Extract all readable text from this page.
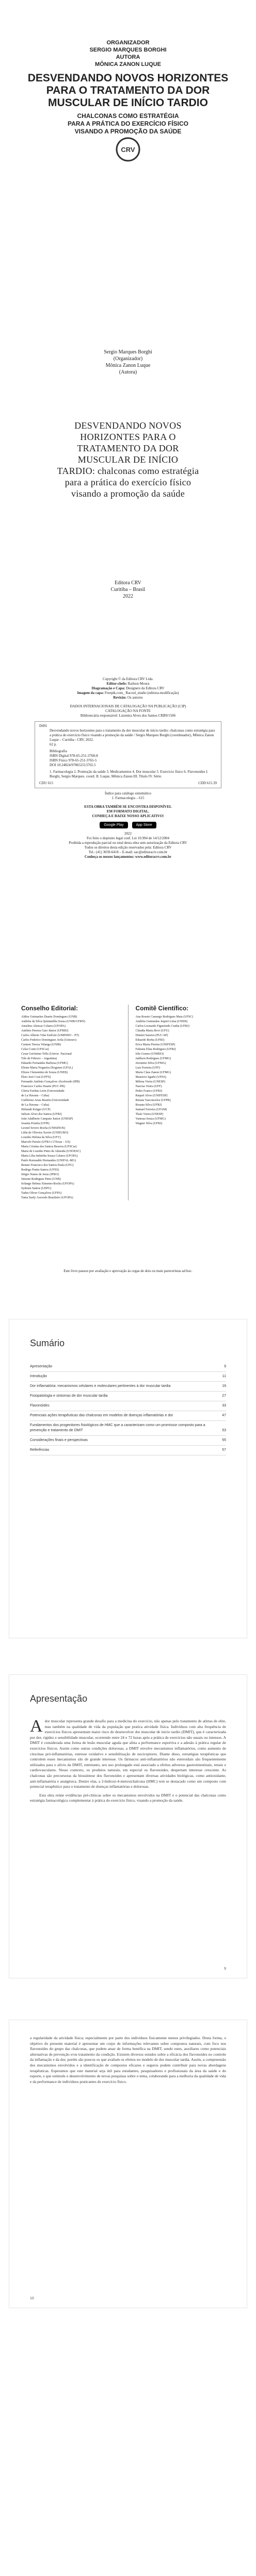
ORGANIZADOR
SERGIO MARQUES BORGHI
AUTORA
MÔNICA ZANON LUQUE
DESVENDANDO NOVOS HORIZONTES
PARA O TRATAMENTO DA DOR
MUSCULAR DE INÍCIO TARDIO
CHALCONAS COMO ESTRATÉGIA
PARA A PRÁTICA DO EXERCÍCIO FÍSICO
VISANDO A PROMOÇÃO DA SAÚDE
CRV
Sergio Marques Borghi
(Organizador)
Mônica Zanon Luque
(Autora)
DESVENDANDO NOVOS
HORIZONTES PARA O
TRATAMENTO DA DOR
MUSCULAR DE INÍCIO
TARDIO: chalconas como estratégia
para a prática do exercício físico
visando a promoção da saúde
Editora CRV
Curitiba – Brasil
2022
Copyright © da Editora CRV Ltda.
Editor-chefe: Railson Moura
Diagramação e Capa: Designers da Editora CRV
Imagem da capa: Freepik.com_ Racool_studio (editora-modificação)
Revisão: Os autores
DADOS INTERNACIONAIS DE CATALOGAÇÃO NA PUBLICAÇÃO (CIP)
CATALOGAÇÃO NA FONTE
Bibliotecária responsável: Luzenira Alves dos Santos CRB9/1506
D491
Desvendando novos horizontes para o tratamento da dor muscular de início tardio: chalconas como estratégia para a prática do exercício físico visando a promoção da saúde / Sergio Marques Borghi (coordenador), Mônica Zanon Luque – Curitiba : CRV, 2022.
62 p.
Bibliografia
ISBN Digital 978-65-251-3768-8
ISBN Físico 978-65-251-3765-5
DOI 10.24824/978652513765.5
1. Farmacologia 2. Promoção da saúde 3. Medicamentos 4. Dor muscular 5. Exercício físico 6. Flavonoides I. Borghi, Sergio Marques. coord. II. Luque, Mônica Zanon III. Título IV. Série.
CDU 615	CDD 615.39
Índice para catálogo sistemático
1. Farmacologia – 615
ESTA OBRA TAMBÉM SE ENCONTRA DISPONÍVEL
EM FORMATO DIGITAL.
CONHEÇA E BAIXE NOSSO APLICATIVO!
Google Play	App Store
2022
Foi feito o depósito legal conf. Lei 10.994 de 14/12/2004
Proibida a reprodução parcial ou total desta obra sem autorização da Editora CRV
Todos os direitos desta edição reservados pela: Editora CRV
Tel.: (41) 3039-6418 – E-mail: sac@editoracrv.com.br
Conheça os nossos lançamentos: www.editoracrv.com.br
Conselho Editorial:
Aldira Guimarães Duarte Domínguez (UNB)
Andréia da Silva Quintanilha Sousa (UNIR/UFRN)
Anselmo Alencar Colares (UFOPA)
Antônio Pereira Gaio Júnior (UFRRJ)
Carlos Alberto Vilar Estêvão (UMINHO – PT)
Carlos Federico Dominguez Avila (Unieuro)
Carmen Tereza Velanga (UNIR)
Celso Conti (UFSCar)
Cesar Gerónimo Tello (Univer .Nacional
Três de Febrero – Argentina)
Eduardo Fernandes Barbosa (UFMG)
Elione Maria Nogueira Diogenes (UFAL)
Elizeu Clementino de Souza (UNEB)
Élsio José Corá (UFFS)
Fernando Antônio Gonçalves Alcoforado (IPB)
Francisco Carlos Duarte (PUC-PR)
Gloria Fariñas León (Universidade
de La Havana – Cuba)
Guillermo Arias Beatón (Universidade
de La Havana – Cuba)
Helmuth Krüger (UCP)
Jailson Alves dos Santos (UFRJ)
João Adalberto Campato Junior (UNESP)
Josania Portela (UFPI)
Leonel Severo Rocha (UNISINOS)
Lídia de Oliveira Xavier (UNIEURO)
Lourdes Helena da Silva (UFV)
Marcelo Paixão (UFRJ e UTexas – US)
Maria Cristina dos Santos Bezerra (UFSCar)
Maria de Lourdes Pinto de Almeida (UNOESC)
Maria Lília Imbiriba Sousa Colares (UFOPA)
Paulo Romualdo Hernandes (UNIFAL-MG)
Renato Francisco dos Santos Paula (UFG)
Rodrigo Pratte-Santos (UFES)
Sérgio Nunes de Jesus (IFRO)
Simone Rodrigues Pinto (UNB)
Solange Helena Ximenes-Rocha (UFOPA)
Sydione Santos (UEPG)
Tadeu Oliver Gonçalves (UFPA)
Tania Suely Azevedo Brasileiro (UFOPA)
Comitê Científico:
Ana Rosete Camargo Rodrigues Maia (UFSC)
Andréia Guimarães Jequiri Lima (UNEB)
Carlos Leonardo Figueiredo Cunha (UFRJ)
Cláudia Maria Bovi (UFU)
Dimitri Saraiva (PUC-SP)
Eduardo Borba (UFRJ)
Erica Maria Pereira (UNIFESP)
Fabiane Elias Rodrigues (UFRJ)
Irlis Gomes (UNIRIO)
Jadilson Rodrigues (UFMG)
Jeronimo Silva (UFMA)
Luis Ferreira (UFF)
Maria Clara Zanon (UFMG)
Mauricio Sgarbi (UFES)
Milena Vieira (UNESP)
Narcisa Vieira (UFF)
Pedro Franco (UFRJ)
Raquel Alves (UNIFESP)
Renata Vasconcelos (UFPR)
Rosana Silva (UFRJ)
Samuel Ferreira (UFAM)
Thaís Vieira (UNESP)
Vanessa Souza (UFMG)
Wagner Silva (UFRJ)
Este livro passou por avaliação e aprovação às cegas de dois ou mais pareceristas ad hoc.
Sumário
Apresentação	9
Introdução	11
Dor inflamatória: mecanismos celulares e moleculares pertinentes à dor muscular tardia	19
Fisiopatologia e sintomas de dor muscular tardia	27
Flavonóides	33
Potenciais ações terapêuticas das chalconas em modelos de doenças inflamatórias e dor	47
Fundamentos dos progenitores fisiológicos de HMC que a caracterizam como um promissor composto para a prevenção e tratamento de DMIT	53
Considerações finais e perspectivas	55
Referências	57
Apresentação
Ador muscular representa grande desafio para a medicina do exercício, não apenas pelo tratamento de atletas de elite, mas também na qualidade de vida da população que pratica atividade física. Indivíduos com alta frequência de exercícios físicos apresentam maior risco de desenvolver dor muscular de início tardio (DMIT), que é caracterizada por dor, rigidez e sensibilidade muscular, ocorrendo entre 24 e 72 horas após a prática de exercícios não usuais ou intensos. A DMIT é considerada uma forma de lesão muscular aguda que afeta a performance esportiva e a adesão à prática regular de exercícios físicos. Assim como outras condições dolorosas, a DMIT envolve mecanismos inflamatórios, como aumento de citocinas pró-inflamatórias, estresse oxidativo e sensibilização de nociceptores. Diante disso, estratégias terapêuticas que controlem esses mecanismos são de grande interesse. Os fármacos anti-inflamatórios não esteroidais são frequentemente utilizados para o alívio da DMIT, entretanto, seu uso prolongado está associado a efeitos adversos gastrointestinais, renais e cardiovasculares. Nesse contexto, os produtos naturais, em especial os flavonoides, despertam interesse crescente. As chalconas são precursoras da biossíntese dos flavonoides e apresentam diversas atividades biológicas, como antioxidante, anti-inflamatória e analgésica. Dentre elas, a 2-hidroxi-4-metoxichalcona (HMC) tem se destacado como um composto com potencial terapêutico para o tratamento de doenças inflamatórias e dolorosas.
Esta obra reúne evidências pré-clínicas sobre os mecanismos envolvidos na DMIT e o potencial das chalconas como estratégia farmacológica complementar à prática do exercício físico, visando a promoção da saúde.
9
a regularidade da atividade física; especialmente por parte dos indivíduos fisicamente menos privilegiados. Desta forma, o objetivo do presente material é apresentar um corpo de informações relevantes sobre compostos naturais, com foco nos flavonoides do grupo das chalconas, que podem atuar de forma benéfica na DMIT, sendo estes, auxiliares como potenciais alternativas de prevenção e/ou tratamento da condição. Existem diversos estudos sobre a eficácia dos flavonoides no controle da inflamação e da dor, porém são poucos os que avaliam os efeitos no modelo de dor muscular tardia. Assim, a compreensão dos mecanismos envolvidos e a identificação de compostos eficazes e seguros podem contribuir para novas abordagens terapêuticas. Esperamos que este material seja útil para estudantes, pesquisadores e profissionais da área da saúde e do esporte, e que estimule o desenvolvimento de novas pesquisas sobre o tema, colaborando para a melhoria da qualidade de vida e da performance de indivíduos praticantes de exercício físico.
10
